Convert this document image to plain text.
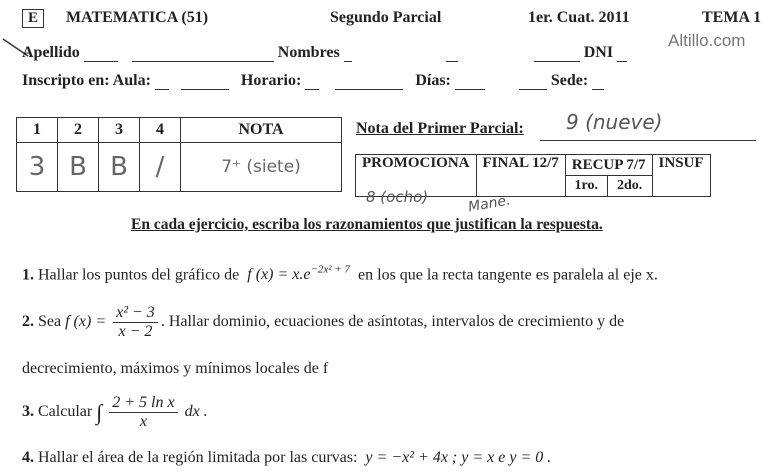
E	MATEMATICA (51)	Segundo Parcial	1er. Cuat. 2011	TEMA 1
Apellido	Nombres	DNI
Altillo.com
Inscripto en: Aula:	Horario:	Días:	Sede:
1	2	3	4	NOTA
3	B	B	/	7⁺ (siete)
Nota del Primer Parcial: 9 (nueve)
PROMOCIONA	FINAL 12/7	RECUP 7/7		INSUF
		1ro.	2do.	
8 (ocho)	Mane.
En cada ejercicio, escriba los razonamientos que justifican la respuesta.
1. Hallar los puntos del gráfico de f $(x) = x.e^{-2x^2 + 7}$ en los que la recta tangente es paralela al eje x.
2. Sea f $(x) = \frac{\text{x² − 3}}{x - 2}$ . Hallar dominio, ecuaciones de asíntotas, intervalos de crecimiento y de
decrecimiento, máximos y mínimos locales de f
3. Calcular ∫ $\frac{\text{2 + 5 ln x}}{x}$ dx .
4. Hallar el área de la región limitada por las curvas: y = −x² + 4x ; y = x e y = 0 .
